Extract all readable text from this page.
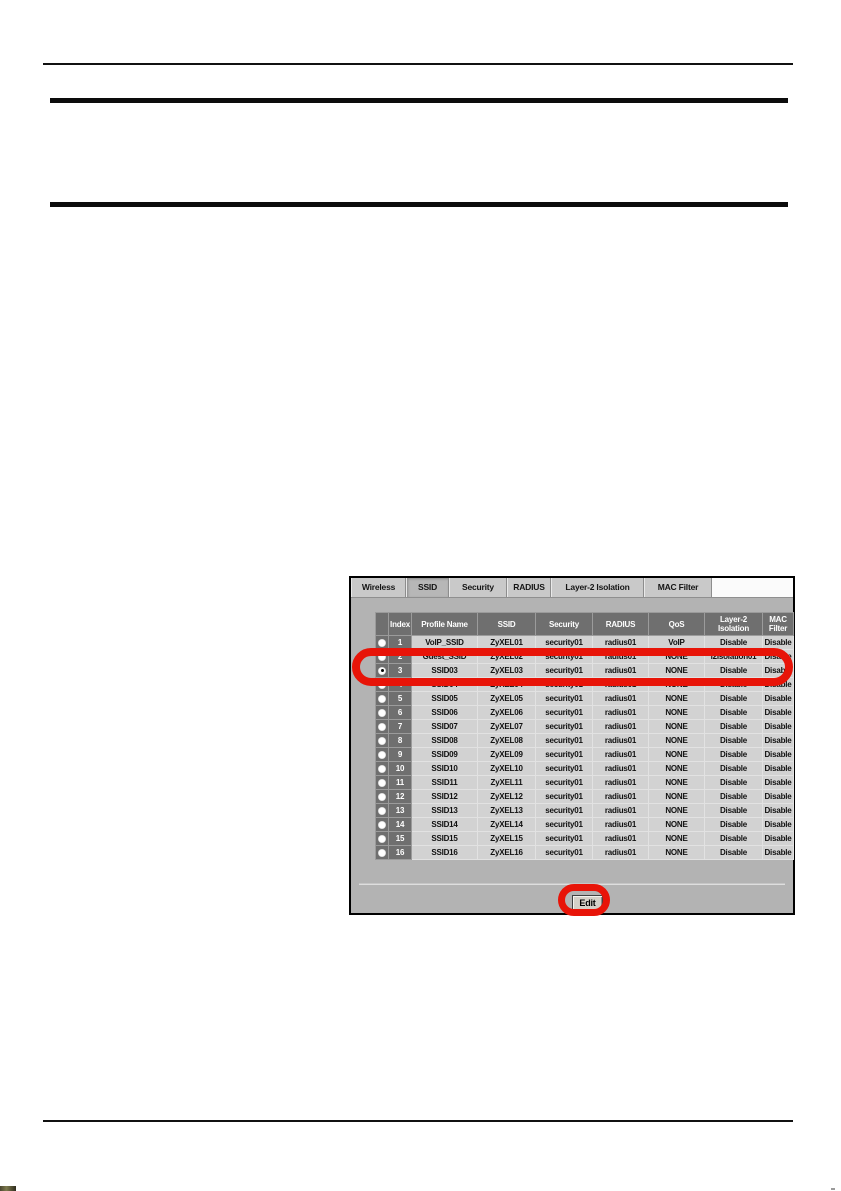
Wireless	SSID	Security	RADIUS	Layer-2 Isolation	MAC Filter
	Index	Profile Name	SSID	Security	RADIUS	QoS	Layer-2 Isolation	MAC Filter
	1	VoIP_SSID	ZyXEL01	security01	radius01	VoIP	Disable	Disable
	2	Guest_SSID	ZyXEL02	security01	radius01	NONE	l2isolation01	Disable
	3	SSID03	ZyXEL03	security01	radius01	NONE	Disable	Disable
	4	SSID04	ZyXEL04	security01	radius01	NONE	Disable	Disable
	5	SSID05	ZyXEL05	security01	radius01	NONE	Disable	Disable
	6	SSID06	ZyXEL06	security01	radius01	NONE	Disable	Disable
	7	SSID07	ZyXEL07	security01	radius01	NONE	Disable	Disable
	8	SSID08	ZyXEL08	security01	radius01	NONE	Disable	Disable
	9	SSID09	ZyXEL09	security01	radius01	NONE	Disable	Disable
	10	SSID10	ZyXEL10	security01	radius01	NONE	Disable	Disable
	11	SSID11	ZyXEL11	security01	radius01	NONE	Disable	Disable
	12	SSID12	ZyXEL12	security01	radius01	NONE	Disable	Disable
	13	SSID13	ZyXEL13	security01	radius01	NONE	Disable	Disable
	14	SSID14	ZyXEL14	security01	radius01	NONE	Disable	Disable
	15	SSID15	ZyXEL15	security01	radius01	NONE	Disable	Disable
	16	SSID16	ZyXEL16	security01	radius01	NONE	Disable	Disable
Edit
